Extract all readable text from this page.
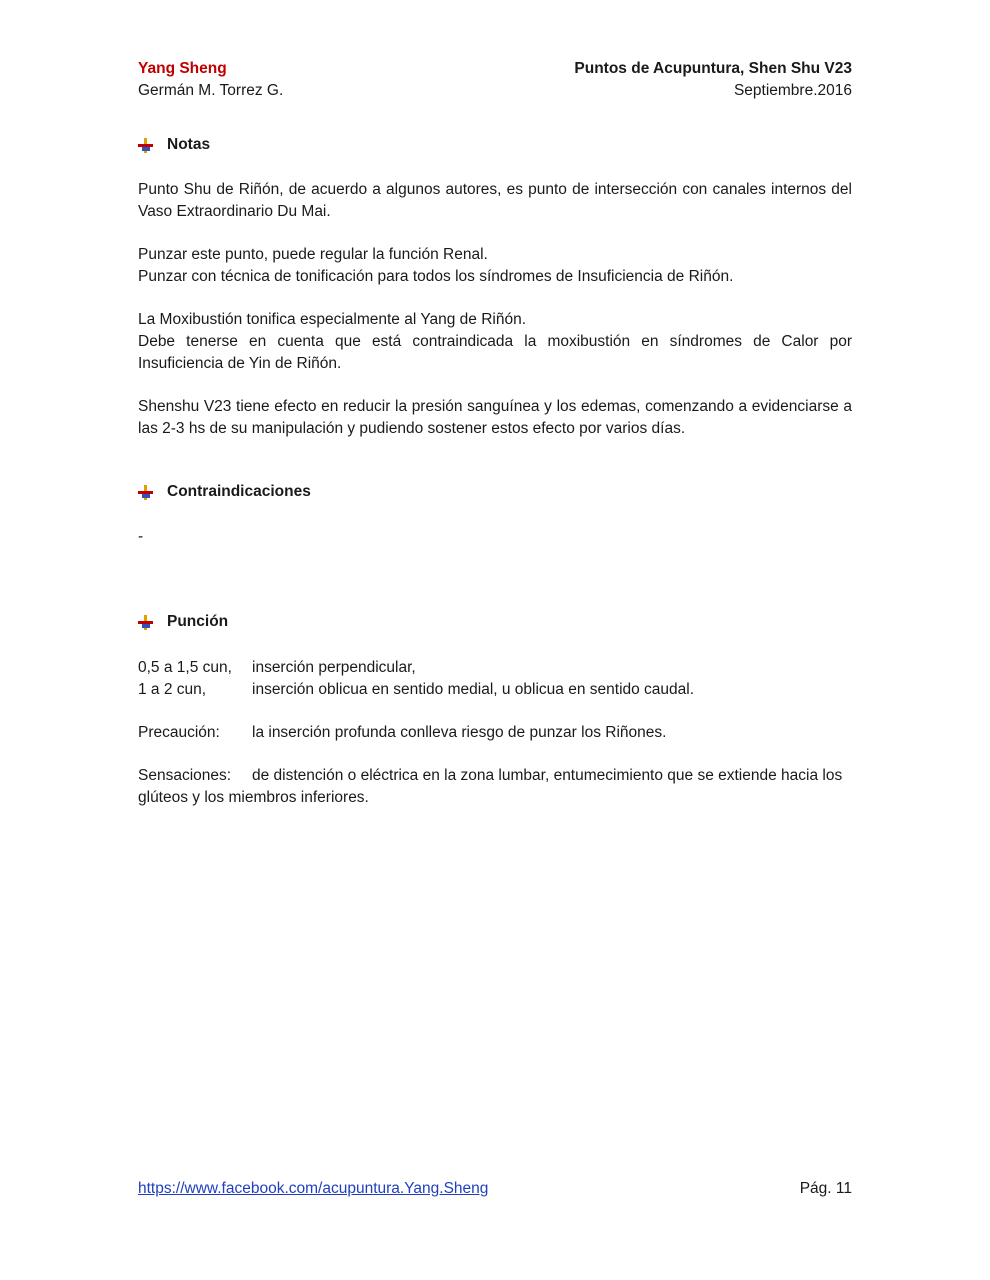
Yang Sheng
Germán M. Torrez G.
Puntos de Acupuntura, Shen Shu V23
Septiembre.2016
Notas

Punto Shu de Riñón, de acuerdo a algunos autores, es punto de intersección con canales internos del Vaso Extraordinario Du Mai.

Punzar este punto, puede regular la función Renal.

Punzar con técnica de tonificación para todos los síndromes de Insuficiencia de Riñón.

La Moxibustión tonifica especialmente al Yang de Riñón.

Debe tenerse en cuenta que está contraindicada la moxibustión en síndromes de Calor por Insuficiencia de Yin de Riñón.

Shenshu V23 tiene efecto en reducir la presión sanguínea y los edemas, comenzando a evidenciarse a las 2-3 hs de su manipulación y pudiendo sostener estos efecto por varios días.

Contraindicaciones
-
Punción
0,5 a 1,5 cun, inserción perpendicular,
1 a 2 cun,	inserción oblicua en sentido medial, u oblicua en sentido caudal.
Precaución: la inserción profunda conlleva riesgo de punzar los Riñones.
Sensaciones: de distención o eléctrica en la zona lumbar, entumecimiento que se extiende hacia los glúteos y los miembros inferiores.
https://www.facebook.com/acupuntura.Yang.Sheng	Pág. 11
